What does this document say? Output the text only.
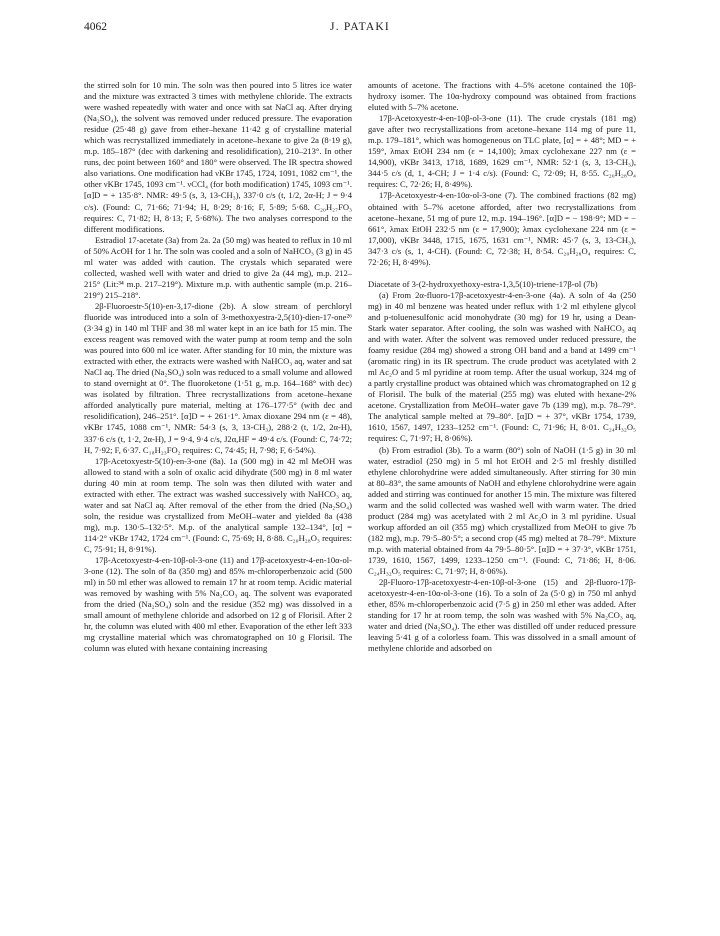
4062	J. PATAKI

the stirred soln for 10 min. The soln was then poured into 5 litres ice water and the mixture was extracted 3 times with methylene chloride. The extracts were washed repeatedly with water and once with sat NaCl aq. After drying (Na₂SO₄), the solvent was removed under reduced pressure. The evaporation residue (25·48 g) gave from ether–hexane 11·42 g of crystalline material which was recrystallized immediately in acetone–hexane to give 2a (8·19 g), m.p. 185–187° (dec with darkening and resolidification), 210–213°. In other runs, dec point between 160° and 180° were observed. The IR spectra showed also variations. One modification had νKBr 1745, 1724, 1091, 1082 cm⁻¹, the other νKBr 1745, 1093 cm⁻¹. νCCl₄ (for both modification) 1745, 1093 cm⁻¹. [α]D = + 135·8°. NMR: 49·5 (s, 3, 13-CH₃), 337·0 c/s (t, 1/2, 2α-H; J = 9·4 c/s). (Found: C, 71·66; 71·94; H, 8·29; 8·16; F, 5·89; 5·68. C₂₀H₂₇FO₃ requires: C, 71·82; H, 8·13; F, 5·68%). The two analyses correspond to the different modifications.

Estradiol 17-acetate (3a) from 2a. 2a (50 mg) was heated to reflux in 10 ml of 50% AcOH for 1 hr. The soln was cooled and a soln of NaHCO₃ (3 g) in 45 ml water was added with caution. The crystals which separated were collected, washed well with water and dried to give 2a (44 mg), m.p. 212–215° (Lit:³⁴ m.p. 217–219°). Mixture m.p. with authentic sample (m.p. 216–219°) 215–218°.

2β-Fluoroestr-5(10)-en-3,17-dione (2b). A slow stream of perchloryl fluoride was introduced into a soln of 3-methoxyestra-2,5(10)-dien-17-one²⁶ (3·34 g) in 140 ml THF and 38 ml water kept in an ice bath for 15 min. The excess reagent was removed with the water pump at room temp and the soln was poured into 600 ml ice water. After standing for 10 min, the mixture was extracted with ether, the extracts were washed with NaHCO₃ aq, water and sat NaCl aq. The dried (Na₂SO₄) soln was reduced to a small volume and allowed to stand overnight at 0°. The fluoroketone (1·51 g, m.p. 164–168° with dec) was isolated by filtration. Three recrystallizations from acetone–hexane afforded analytically pure material, melting at 176–177·5° (with dec and resolidification), 246–251°. [α]D = + 261·1°. λmax dioxane 294 nm (ε = 48), νKBr 1745, 1088 cm⁻¹, NMR: 54·3 (s, 3, 13-CH₃), 288·2 (t, 1/2, 2α-H), 337·6 c/s (t, 1·2, 2α-H), J = 9·4, 9·4 c/s, J2α,HF = 49·4 c/s. (Found: C, 74·72; H, 7·92; F, 6·37. C₁₈H₂₃FO₂ requires: C, 74·45; H, 7·98; F, 6·54%).

17β-Acetoxyestr-5(10)-en-3-one (8a). 1a (500 mg) in 42 ml MeOH was allowed to stand with a soln of oxalic acid dihydrate (500 mg) in 8 ml water during 40 min at room temp. The soln was then diluted with water and extracted with ether. The extract was washed successively with NaHCO₃ aq, water and sat NaCl aq. After removal of the ether from the dried (Na₂SO₄) soln, the residue was crystallized from MeOH–water and yielded 8a (438 mg), m.p. 130·5–132·5°. M.p. of the analytical sample 132–134°, [α] = 114·2° νKBr 1742, 1724 cm⁻¹. (Found: C, 75·69; H, 8·88. C₂₀H₂₈O₃ requires: C, 75·91; H, 8·91%).

17β-Acetoxyestr-4-en-10β-ol-3-one (11) and 17β-acetoxyestr-4-en-10α-ol-3-one (12). The soln of 8a (350 mg) and 85% m-chloroperbenzoic acid (500 ml) in 50 ml ether was allowed to remain 17 hr at room temp. Acidic material was removed by washing with 5% Na₂CO₃ aq. The solvent was evaporated from the dried (Na₂SO₄) soln and the residue (352 mg) was dissolved in a small amount of methylene chloride and adsorbed on 12 g of Florisil. After 2 hr, the column was eluted with 400 ml ether. Evaporation of the ether left 333 mg crystalline material which was chromatographed on 10 g Florisil. The column was eluted with hexane containing increasing

amounts of acetone. The fractions with 4–5% acetone contained the 10β-hydroxy isomer. The 10α-hydroxy compound was obtained from fractions eluted with 5–7% acetone.

17β-Acetoxyestr-4-en-10β-ol-3-one (11). The crude crystals (181 mg) gave after two recrystallizations from acetone–hexane 114 mg of pure 11, m.p. 179–181°, which was homogeneous on TLC plate, [α] = + 48°; MD = + 159°, λmax EtOH 234 nm (ε = 14,100); λmax cyclohexane 227 nm (ε = 14,900), νKBr 3413, 1718, 1689, 1629 cm⁻¹, NMR: 52·1 (s, 3, 13-CH₃), 344·5 c/s (d, 1, 4-CH; J = 1·4 c/s). (Found: C, 72·09; H, 8·55. C₂₀H₂₈O₄ requires: C, 72·26; H, 8·49%).

17β-Acetoxyestr-4-en-10α-ol-3-one (7). The combined fractions (82 mg) obtained with 5–7% acetone afforded, after two recrystallizations from acetone–hexane, 51 mg of pure 12, m.p. 194–196°. [α]D = − 198·9°; MD = − 661°, λmax EtOH 232·5 nm (ε = 17,900); λmax cyclohexane 224 nm (ε = 17,000), νKBr 3448, 1715, 1675, 1631 cm⁻¹, NMR: 45·7 (s, 3, 13-CH₃), 347·3 c/s (s, 1, 4-CH). (Found: C, 72·38; H, 8·54. C₂₀H₂₈O₄ requires: C, 72·26; H, 8·49%).

Diacetate of 3-(2-hydroxyethoxy-estra-1,3,5(10)-triene-17β-ol (7b)

(a) From 2α-fluoro-17β-acetoxyestr-4-en-3-one (4a). A soln of 4a (250 mg) in 40 ml benzene was heated under reflux with 1·2 ml ethylene glycol and p-toluenesulfonic acid monohydrate (30 mg) for 19 hr, using a Dean-Stark water separator. After cooling, the soln was washed with NaHCO₃ aq and with water. After the solvent was removed under reduced pressure, the foamy residue (284 mg) showed a strong OH band and a band at 1499 cm⁻¹ (aromatic ring) in its IR spectrum. The crude product was acetylated with 2 ml Ac₂O and 5 ml pyridine at room temp. After the usual workup, 324 mg of a partly crystalline product was obtained which was chromatographed on 12 g of Florisil. The bulk of the material (255 mg) was eluted with hexane-2% acetone. Crystallization from MeOH–water gave 7b (139 mg), m.p. 78–79°. The analytical sample melted at 79–80°. [α]D = + 37°, νKBr 1754, 1739, 1610, 1567, 1497, 1233–1252 cm⁻¹. (Found: C, 71·96; H, 8·01. C₂₄H₃₂O₅ requires: C, 71·97; H, 8·06%).

(b) From estradiol (3b). To a warm (80°) soln of NaOH (1·5 g) in 30 ml water, estradiol (250 mg) in 5 ml hot EtOH and 2·5 ml freshly distilled ethylene chlorohydrine were added simultaneously. After stirring for 30 min at 80–83°, the same amounts of NaOH and ethylene chlorohydrine were again added and stirring was continued for another 15 min. The mixture was filtered warm and the solid collected was washed well with warm water. The dried product (284 mg) was acetylated with 2 ml Ac₂O in 3 ml pyridine. Usual workup afforded an oil (355 mg) which crystallized from MeOH to give 7b (182 mg), m.p. 79·5–80·5°; a second crop (45 mg) melted at 78–79°. Mixture m.p. with material obtained from 4a 79·5–80·5°. [α]D = + 37·3°, νKBr 1751, 1739, 1610, 1567, 1499, 1233–1250 cm⁻¹. (Found: C, 71·86; H, 8·06. C₂₄H₃₂O₅ requires: C, 71·97; H, 8·06%).

2β-Fluoro-17β-acetoxyestr-4-en-10β-ol-3-one (15) and 2β-fluoro-17β-acetoxyestr-4-en-10α-ol-3-one (16). To a soln of 2a (5·0 g) in 750 ml anhyd ether, 85% m-chloroperbenzoic acid (7·5 g) in 250 ml ether was added. After standing for 17 hr at room temp, the soln was washed with 5% Na₂CO₃ aq, water and dried (Na₂SO₄). The ether was distilled off under reduced pressure leaving 5·41 g of a colorless foam. This was dissolved in a small amount of methylene chloride and adsorbed on
